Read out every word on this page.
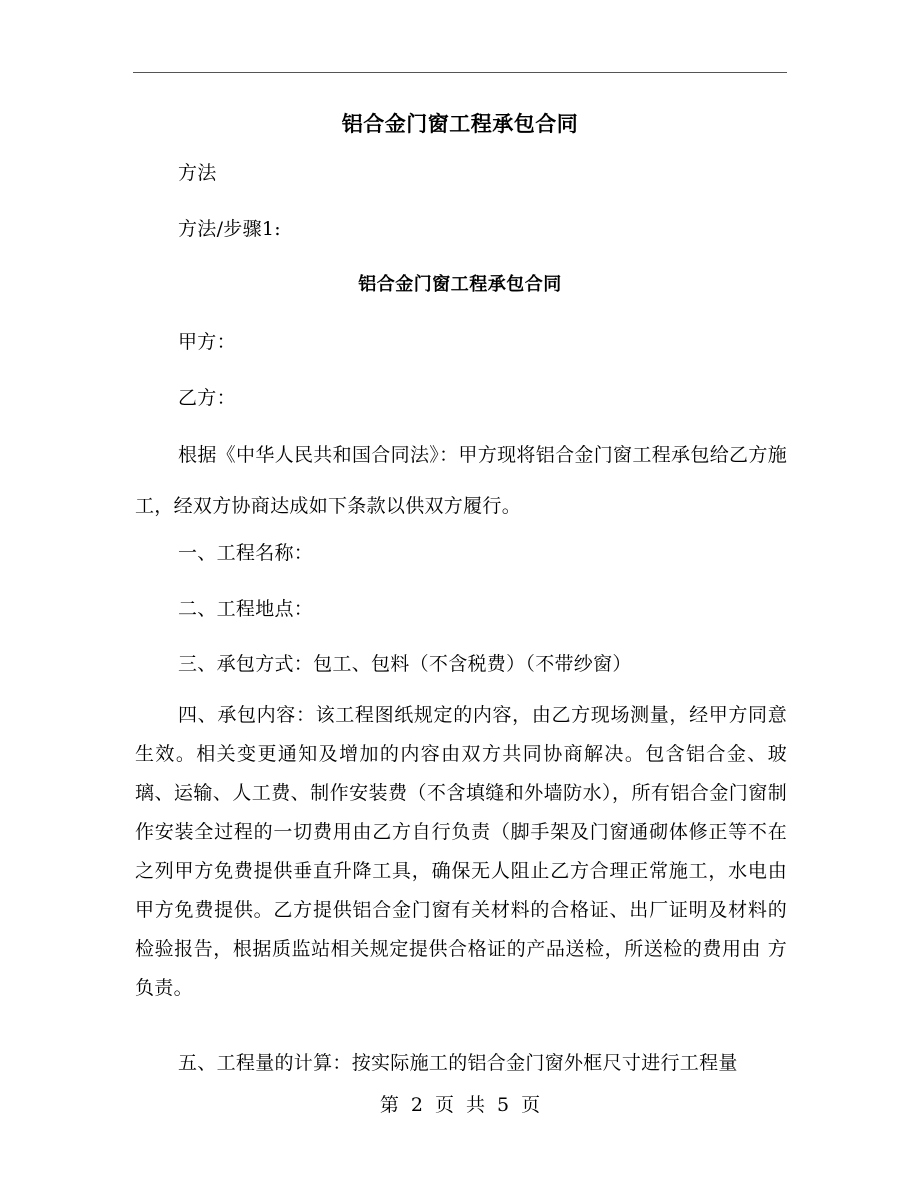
铝合金门窗工程承包合同

方法

方法/步骤1:

铝合金门窗工程承包合同

甲方：

乙方：

根据《中华人民共和国合同法》：甲方现将铝合金门窗工程承包给乙方施工，经双方协商达成如下条款以供双方履行。

一、工程名称：

二、工程地点：

三、承包方式：包工、包料（不含税费）（不带纱窗）

四、承包内容：该工程图纸规定的内容，由乙方现场测量，经甲方同意生效。相关变更通知及增加的内容由双方共同协商解决。包含铝合金、玻璃、运输、人工费、制作安装费（不含填缝和外墙防水），所有铝合金门窗制作安装全过程的一切费用由乙方自行负责（脚手架及门窗通砌体修正等不在之列甲方免费提供垂直升降工具，确保无人阻止乙方合理正常施工，水电由甲方免费提供。乙方提供铝合金门窗有关材料的合格证、出厂证明及材料的检验报告，根据质监站相关规定提供合格证的产品送检，所送检的费用由 方负责。

五、工程量的计算：按实际施工的铝合金门窗外框尺寸进行工程量

第 2 页 共 5 页
